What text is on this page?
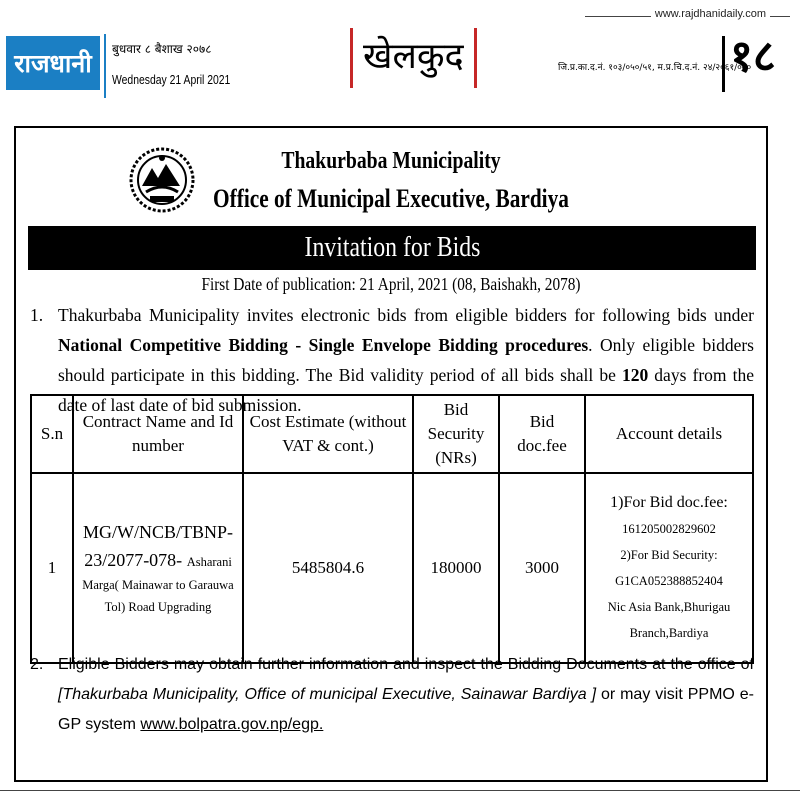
www.rajdhanidaily.com
राजधानी	बुधवार ८ बैशाख २०७८
Wednesday 21 April 2021
खेलकुद	जि.प्र.का.द.नं. १०३/०५०/५१, म.प्र.चि.द.नं. २४/२०६१/०७०
१८
Thakurbaba Municipality
Office of Municipal Executive, Bardiya
Invitation for Bids
First Date of publication: 21 April, 2021 (08, Baishakh, 2078)
1. Thakurbaba Municipality invites electronic bids from eligible bidders for following bids under National Competitive Bidding - Single Envelope Bidding procedures. Only eligible bidders should participate in this bidding. The Bid validity period of all bids shall be 120 days from the date of last date of bid submission.
S.n	Contract Name and Id number	Cost Estimate (without VAT & cont.)	Bid Security (NRs)	Bid doc.fee	Account details
1	MG/W/NCB/TBNP-23/2077-078- Asharani Marga( Mainawar to Garauwa Tol) Road Upgrading	5485804.6	180000	3000	1)For Bid doc.fee:
161205002829602
2)For Bid Security:
G1CA052388852404
Nic Asia Bank,Bhurigau Branch,Bardiya
2. Eligible Bidders may obtain further information and inspect the Bidding Documents at the office of [Thakurbaba Municipality, Office of municipal Executive, Sainawar Bardiya ] or may visit PPMO e-GP system www.bolpatra.gov.np/egp.
